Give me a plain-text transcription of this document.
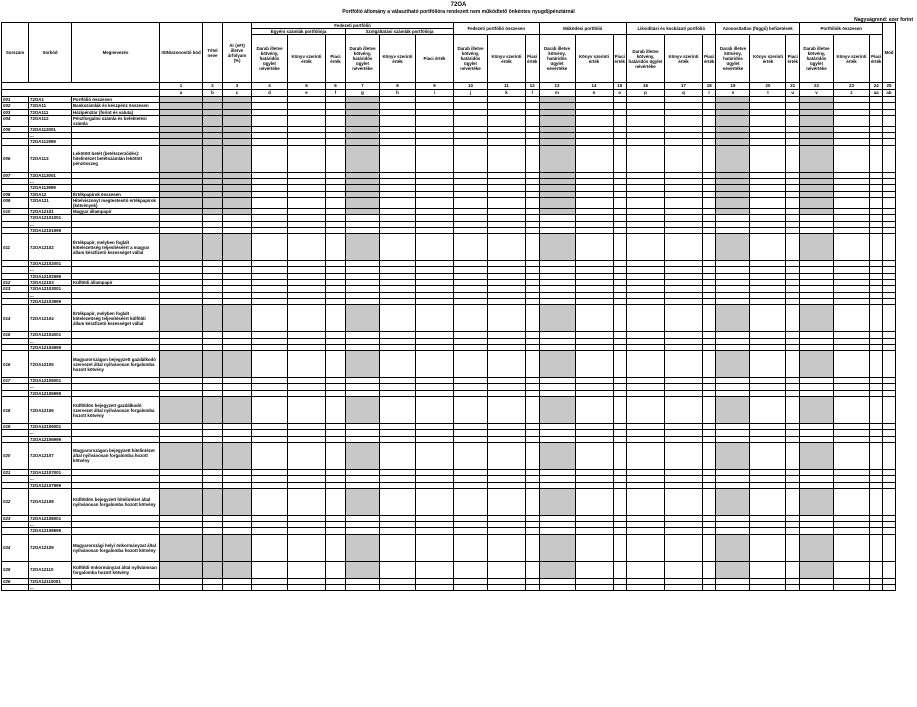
72OA
Portfólió állomány a választható portfólióra rendezett nem működtető önkéntes nyugdíjpénztárnál
Nagyságrend: ezer forint
Sorszám	Sorkód	Megnevezés	ISIN/azonosító kód	Tétel neve	Ár (eFt) illetve árfolyam (%)	Fedezeti portfólió						Fedezeti portfólió összesen			Működési portfólió			Likviditási és kockázati portfólió			Azonosítatlan (függő) befizetések			Portfóliók összesen			Mód
						Egyéni számlák portfóliója			Szolgáltatási számlák portfóliója																		
						Darab illetve kötvény, határidős ügylet névértéke	Könyv szerinti érték	Piaci érték	Darab illetve kötvény, határidős ügylet névértéke	Könyv szerinti érték	Piaci érték	Darab illetve kötvény, határidős ügylet névértéke	Könyv szerinti érték	Piaci érték	Darab illetve kötvény, határidős ügylet névértéke	Könyv szerinti érték	Piaci érték	Darab illetve kötvény, határidős ügylet névértéke	Könyv szerinti érték	Piaci érték	Darab illetve kötvény, határidős ügylet névértéke	Könyv szerinti érték	Piaci érték	Darab illetve kötvény, határidős ügylet névértéke	Könyv szerinti érték	Piaci érték	
			1	2	3	4	5	6	7	8	9	10	11	12	13	14	15	16	17	18	19	20	21	22	23	24	25
			a	b	c	d	e	f	g	h	i	j	k	l	m	n	o	p	q	r	s	t	u	v	z	aa	ab
001	72OA1	Portfólió összesen																									
002	72OA11	Bankszámlák és készpénz összesen																									
003	72OA111	Házipénztár (forint és valuta)																									
004	72OA112	Pénzforgalmi számla és befektetési számla																									
005	72OA112001																										
	...																										
	72OA112999																										
006	72OA113	Lekötött betét (betétszerződés): hitelintézet betétszámlán lekötött pénzösszeg																									
007	72OA113001																										
	...																										
	72OA113999																										
008	72OA12	Értékpapírok összesen																									
009	72OA121	Hitelviszonyt megtestesítő értékpapírok (kötvények)																									
010	72OA12101	Magyar állampapír																									
	72OA12101001																										
	...																										
	72OA12101999																										
011	72OA12102	Értékpapír, melyben foglalt kötelezettség teljesítéséért a magyar állam készfizető kezességet vállal																									
	72OA12102001																										
	...																										
	72OA12102999																										
012	72OA12103	Külföldi állampapír																									
013	72OA12103001																										
	...																										
	72OA12103999																										
014	72OA12104	Értékpapír, melyben foglalt kötelezettség teljesítéséért külföldi állam készfizető kezességet vállal																									
015	72OA12104001																										
	...																										
	72OA12104999																										
016	72OA12105	Magyarországon bejegyzett gazdálkodó szervezet által nyilvánosan forgalomba hozott kötvény																									
017	72OA12105001																										
	...																										
	72OA12105999																										
018	72OA12106	Külföldön bejegyzett gazdálkodó szervezet által nyilvánosan forgalomba hozott kötvény																									
019	72OA12106001																										
	...																										
	72OA12106999																										
020	72OA12107	Magyarországon bejegyzett hitelintézet által nyilvánosan forgalomba hozott kötvény																									
021	72OA12107001																										
	...																										
	72OA12107999																										
022	72OA12108	Külföldön bejegyzett hitelintézet által nyilvánosan forgalomba hozott kötvény																									
023	72OA12108001																										
	...																										
	72OA12108999																										
024	72OA12109	Magyarországi helyi önkormányzat által nyilvánosan forgalomba hozott kötvény																									
025	72OA12110	Külföldi önkormányzat által nyilvánosan forgalomba hozott kötvény																									
026	72OA12110001																										
	...																										
